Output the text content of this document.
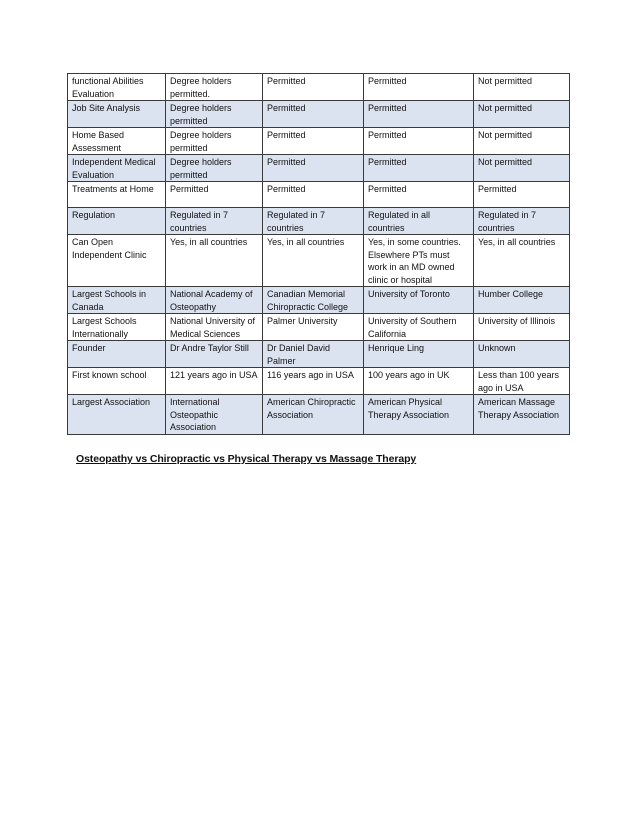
functional Abilities Evaluation	Degree holders permitted.	Permitted	Permitted	Not permitted
Job Site Analysis	Degree holders permitted	Permitted	Permitted	Not permitted
Home Based Assessment	Degree holders permitted	Permitted	Permitted	Not permitted
Independent Medical Evaluation	Degree holders permitted	Permitted	Permitted	Not permitted
Treatments at Home	Permitted	Permitted	Permitted	Permitted
Regulation	Regulated in 7 countries	Regulated in 7 countries	Regulated in all countries	Regulated in 7 countries
Can Open Independent Clinic	Yes, in all countries	Yes, in all countries	Yes, in some countries. Elsewhere PTs must work in an MD owned clinic or hospital	Yes, in all countries
Largest Schools in Canada	National Academy of Osteopathy	Canadian Memorial Chiropractic College	University of Toronto	Humber College
Largest Schools Internationally	National University of Medical Sciences	Palmer University	University of Southern California	University of Illinois
Founder	Dr Andre Taylor Still	Dr Daniel David Palmer	Henrique Ling	Unknown
First known school	121 years ago in USA	116 years ago in USA	100 years ago in UK	Less than 100 years ago in USA
Largest Association	International Osteopathic Association	American Chiropractic Association	American Physical Therapy Association	American Massage Therapy Association
Osteopathy vs Chiropractic vs Physical Therapy vs Massage Therapy
